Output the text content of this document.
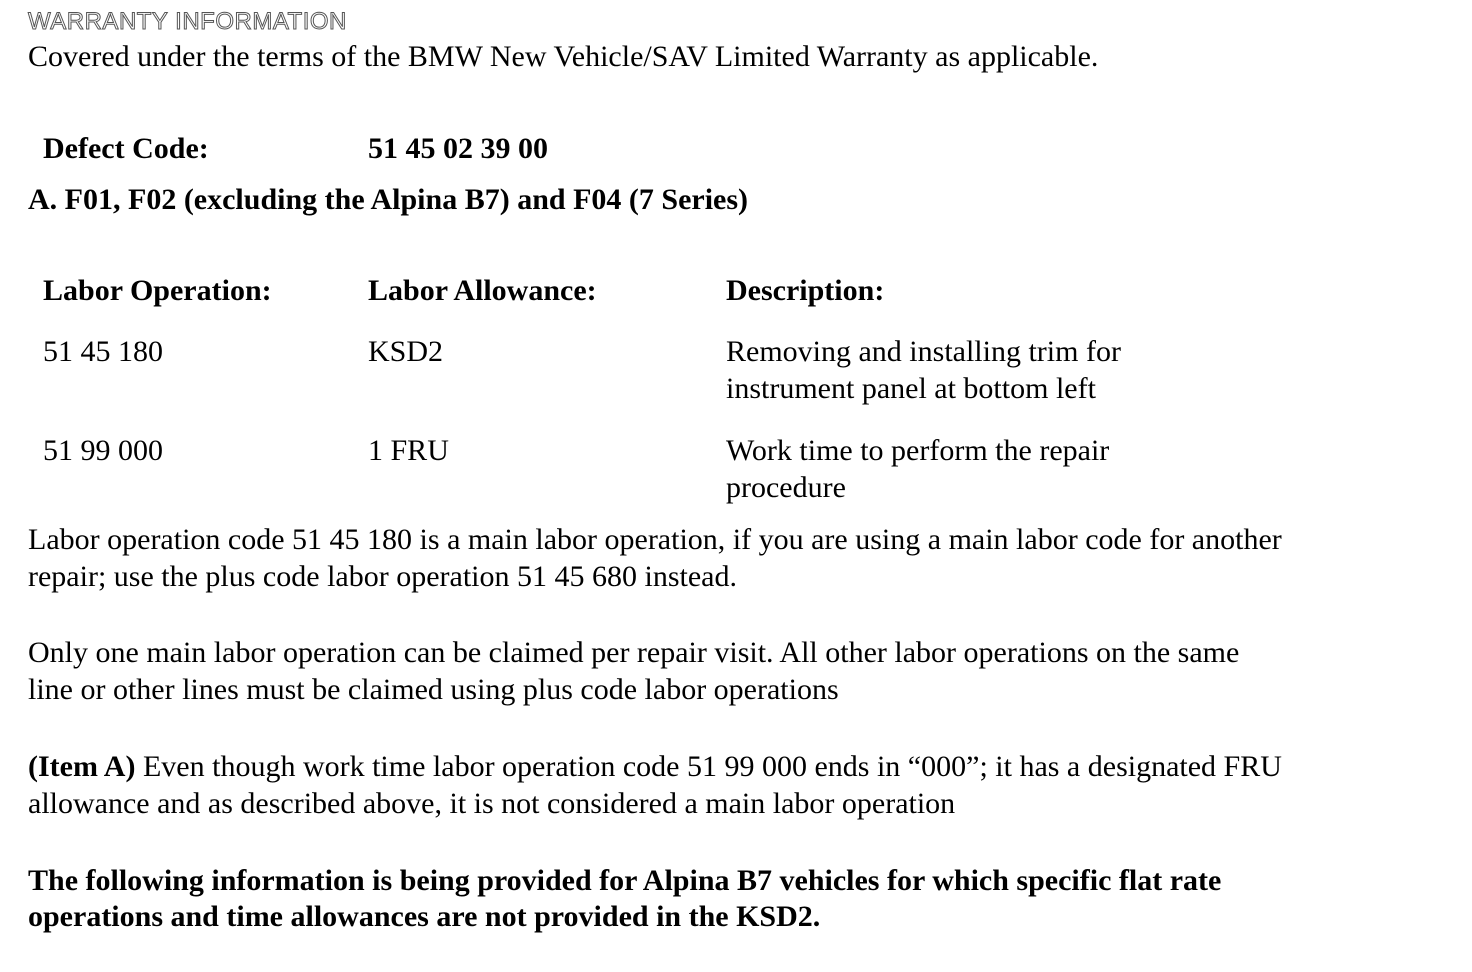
WARRANTY INFORMATION
Covered under the terms of the BMW New Vehicle/SAV Limited Warranty as applicable.
Defect Code:	51 45 02 39 00
A. F01, F02 (excluding the Alpina B7) and F04 (7 Series)
Labor Operation:	Labor Allowance:	Description:
51 45 180	KSD2	Removing and installing trim for
instrument panel at bottom left
51 99 000	1 FRU	Work time to perform the repair
procedure
Labor operation code 51 45 180 is a main labor operation, if you are using a main labor code for another
repair; use the plus code labor operation 51 45 680 instead.
Only one main labor operation can be claimed per repair visit. All other labor operations on the same
line or other lines must be claimed using plus code labor operations
(Item A) Even though work time labor operation code 51 99 000 ends in “000”; it has a designated FRU
allowance and as described above, it is not considered a main labor operation
The following information is being provided for Alpina B7 vehicles for which specific flat rate
operations and time allowances are not provided in the KSD2.
